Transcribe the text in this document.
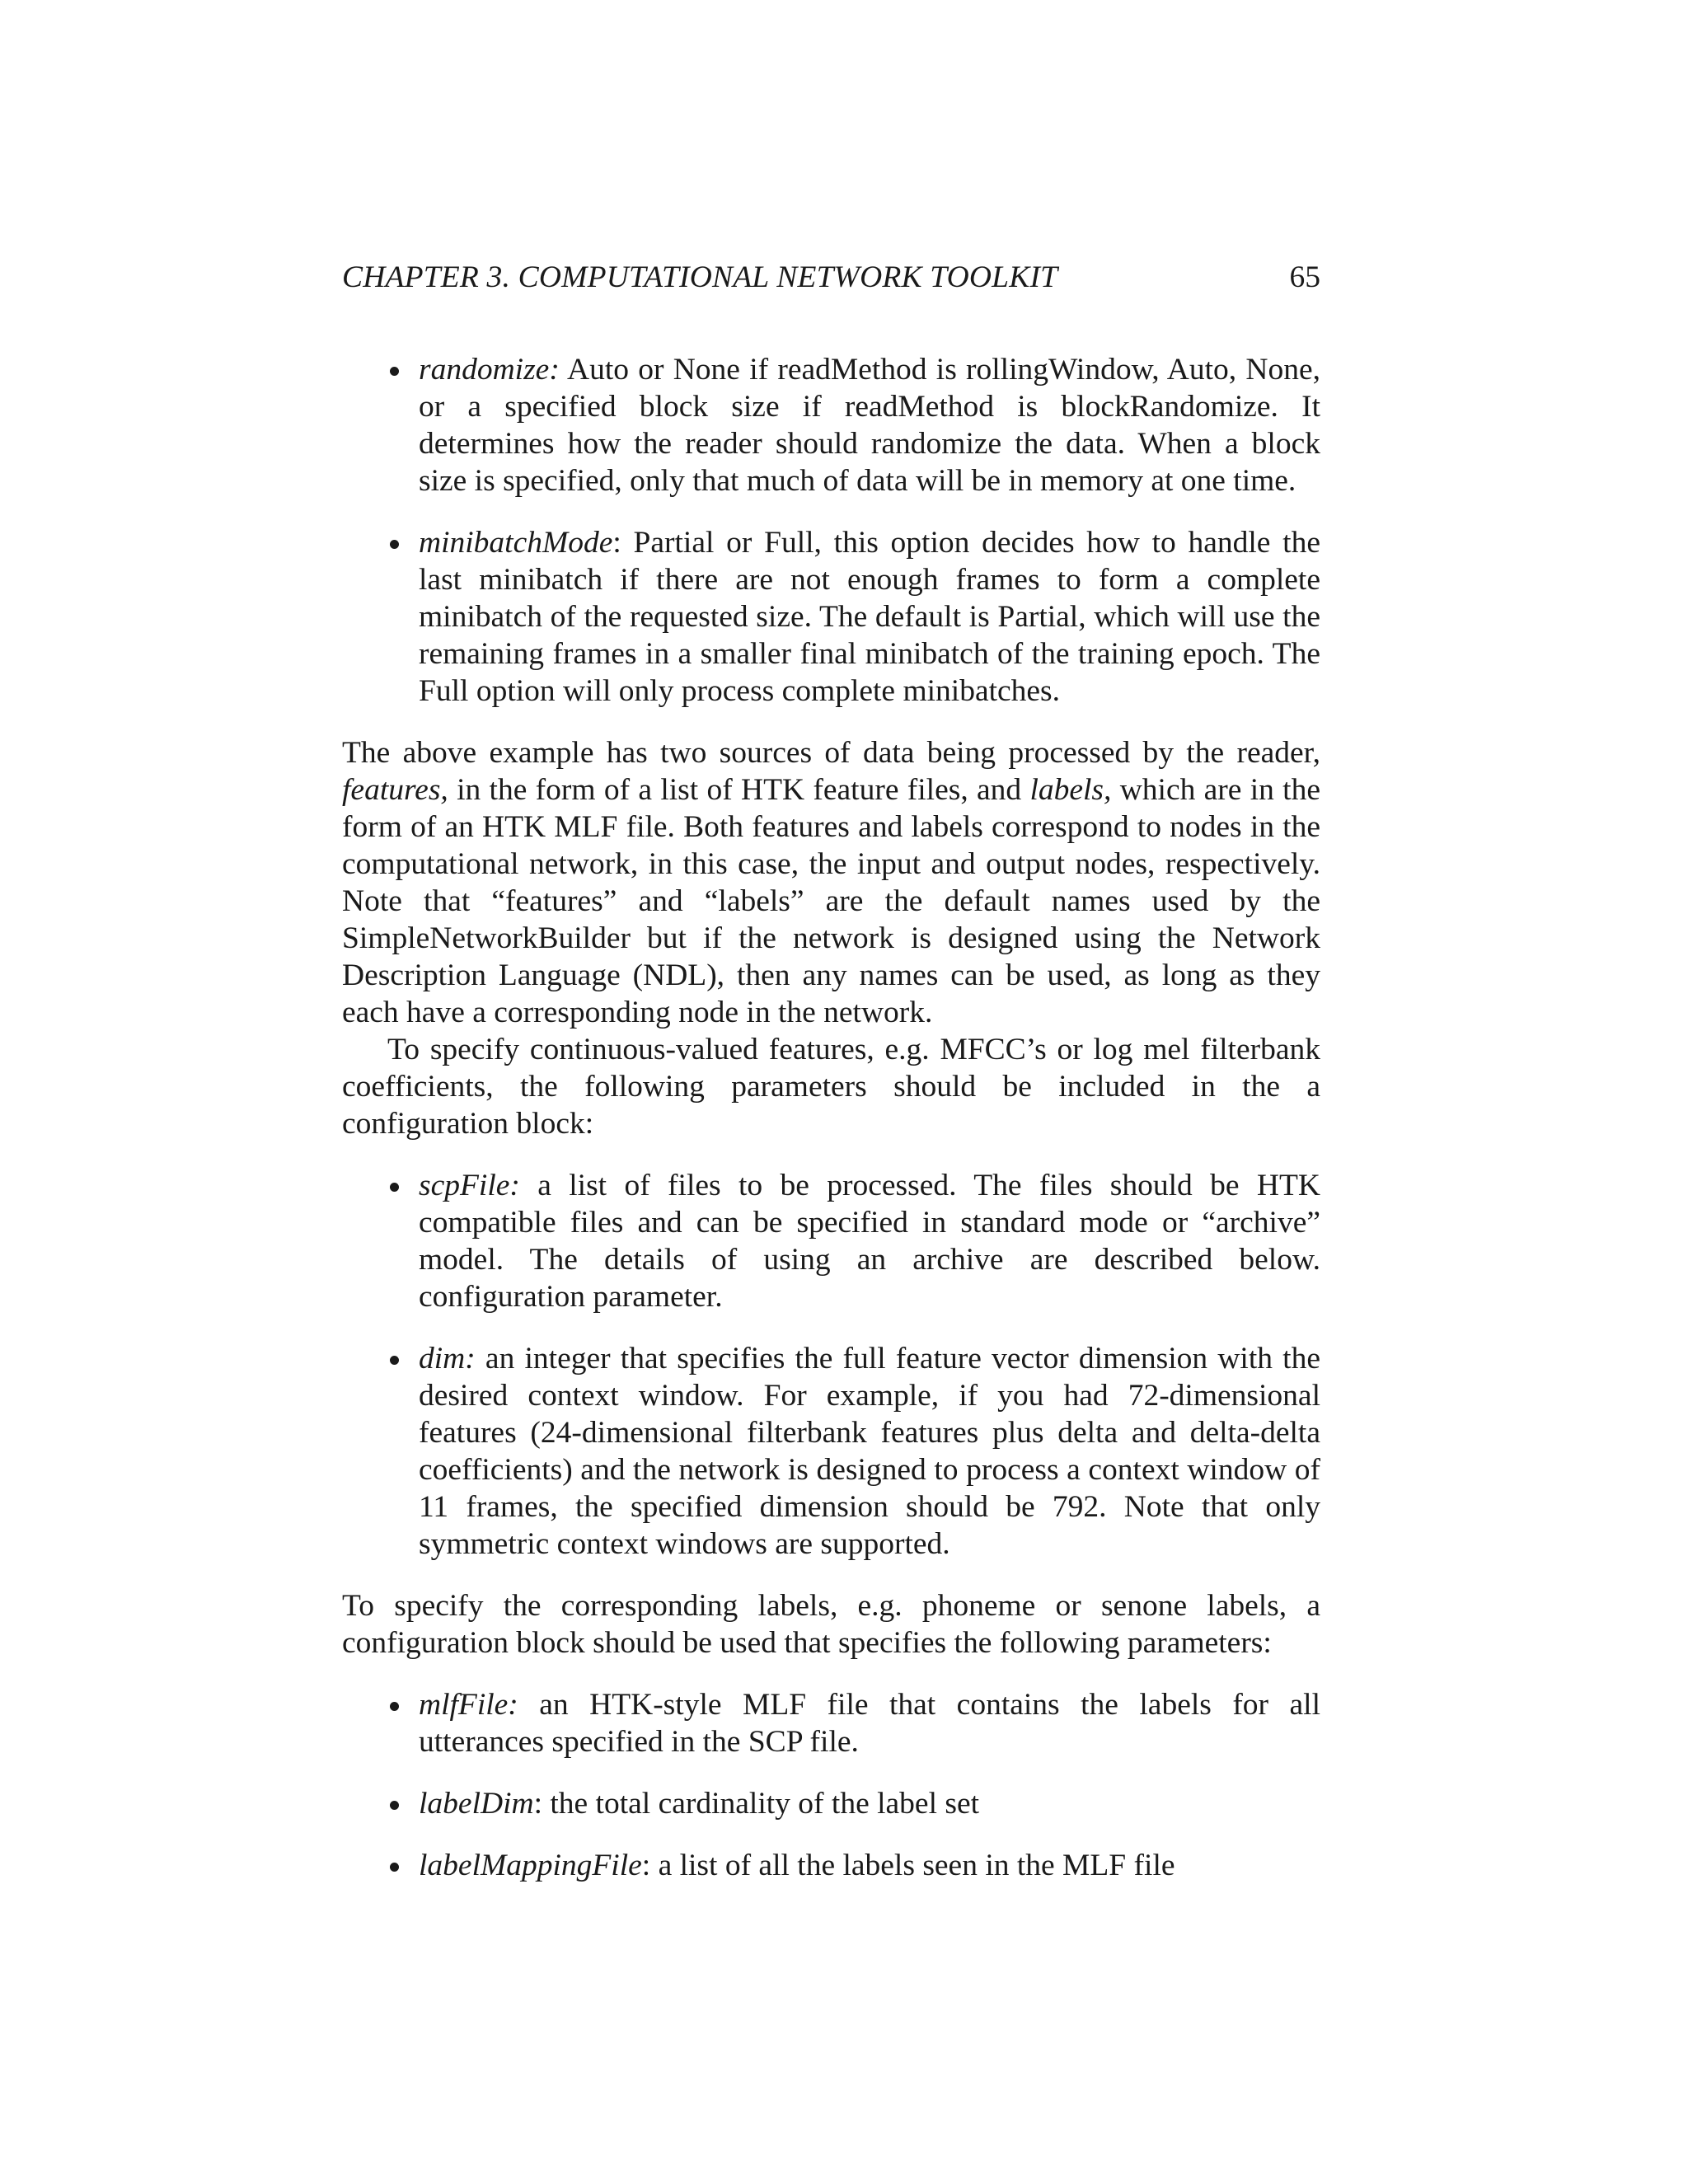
CHAPTER 3. COMPUTATIONAL NETWORK TOOLKIT	65
randomize: Auto or None if readMethod is rollingWindow, Auto, None, or a specified block size if readMethod is blockRandomize. It determines how the reader should randomize the data. When a block size is specified, only that much of data will be in memory at one time.
minibatchMode: Partial or Full, this option decides how to handle the last minibatch if there are not enough frames to form a complete minibatch of the requested size. The default is Partial, which will use the remaining frames in a smaller final minibatch of the training epoch. The Full option will only process complete minibatches.

The above example has two sources of data being processed by the reader, features, in the form of a list of HTK feature files, and labels, which are in the form of an HTK MLF file. Both features and labels correspond to nodes in the computational network, in this case, the input and output nodes, respectively. Note that “features” and “labels” are the default names used by the SimpleNetworkBuilder but if the network is designed using the Network Description Language (NDL), then any names can be used, as long as they each have a corresponding node in the network.

To specify continuous-valued features, e.g. MFCC’s or log mel filterbank coefficients, the following parameters should be included in the a configuration block:

scpFile: a list of files to be processed. The files should be HTK compatible files and can be specified in standard mode or “archive” model. The details of using an archive are described below. configuration parameter.
dim: an integer that specifies the full feature vector dimension with the desired context window. For example, if you had 72-dimensional features (24-dimensional filterbank features plus delta and delta-delta coefficients) and the network is designed to process a context window of 11 frames, the specified dimension should be 792. Note that only symmetric context windows are supported.

To specify the corresponding labels, e.g. phoneme or senone labels, a configuration block should be used that specifies the following parameters:

mlfFile: an HTK-style MLF file that contains the labels for all utterances specified in the SCP file.
labelDim: the total cardinality of the label set
labelMappingFile: a list of all the labels seen in the MLF file
